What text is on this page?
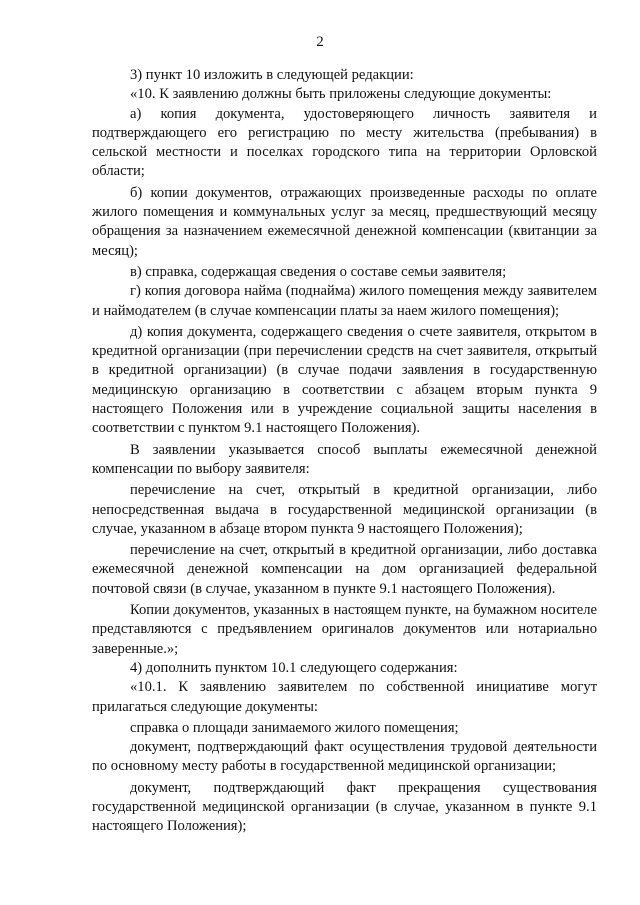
2

3) пункт 10 изложить в следующей редакции:

«10. К заявлению должны быть приложены следующие документы:

а) копия документа, удостоверяющего личность заявителя и подтверждающего его регистрацию по месту жительства (пребывания) в сельской местности и поселках городского типа на территории Орловской области;

б) копии документов, отражающих произведенные расходы по оплате жилого помещения и коммунальных услуг за месяц, предшествующий месяцу обращения за назначением ежемесячной денежной компенсации (квитанции за месяц);

в) справка, содержащая сведения о составе семьи заявителя;

г) копия договора найма (поднайма) жилого помещения между заявителем и наймодателем (в случае компенсации платы за наем жилого помещения);

д) копия документа, содержащего сведения о счете заявителя, открытом в кредитной организации (при перечислении средств на счет заявителя, открытый в кредитной организации) (в случае подачи заявления в государственную медицинскую организацию в соответствии с абзацем вторым пункта 9 настоящего Положения или в учреждение социальной защиты населения в соответствии с пунктом 9.1 настоящего Положения).

В заявлении указывается способ выплаты ежемесячной денежной компенсации по выбору заявителя:

перечисление на счет, открытый в кредитной организации, либо непосредственная выдача в государственной медицинской организации (в случае, указанном в абзаце втором пункта 9 настоящего Положения);

перечисление на счет, открытый в кредитной организации, либо доставка ежемесячной денежной компенсации на дом организацией федеральной почтовой связи (в случае, указанном в пункте 9.1 настоящего Положения).

Копии документов, указанных в настоящем пункте, на бумажном носителе представляются с предъявлением оригиналов документов или нотариально заверенные.»;

4) дополнить пунктом 10.1 следующего содержания:

«10.1. К заявлению заявителем по собственной инициативе могут прилагаться следующие документы:

справка о площади занимаемого жилого помещения;

документ, подтверждающий факт осуществления трудовой деятельности по основному месту работы в государственной медицинской организации;

документ, подтверждающий факт прекращения существования государственной медицинской организации (в случае, указанном в пункте 9.1 настоящего Положения);
